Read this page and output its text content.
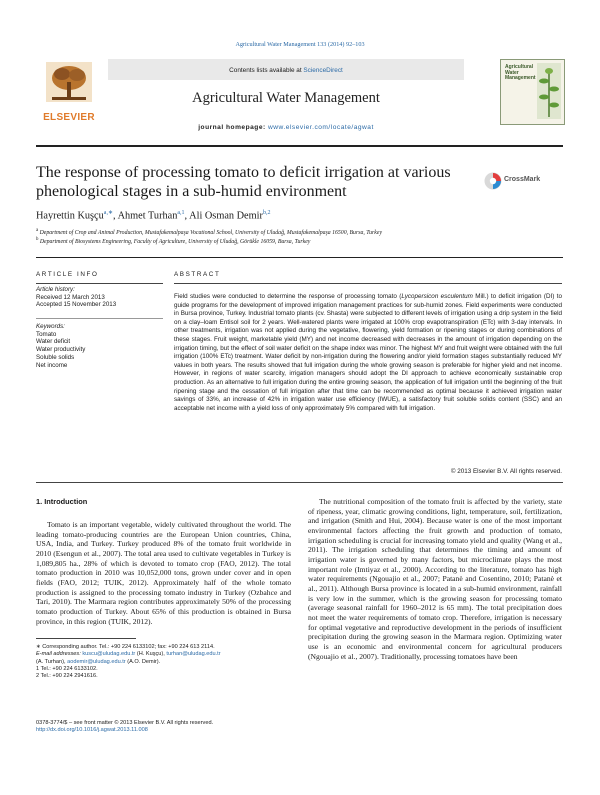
Agricultural Water Management 133 (2014) 92–103
Contents lists available at ScienceDirect
ELSEVIER
Agricultural Water Management
journal homepage: www.elsevier.com/locate/agwat
Agricultural Water Management
The response of processing tomato to deficit irrigation at various phenological stages in a sub-humid environment
CrossMark
Hayrettin Kuşçu$^{a,∗}$, Ahmet Turhan$^{a,1}$, Ali Osman Demir$^{b,2}$
$^a$ Department of Crop and Animal Production, Mustafakemalpaşa Vocational School, University of Uludağ, Mustafakemalpaşa 16500, Bursa, Turkey
$^b$ Department of Biosystems Engineering, Faculty of Agriculture, University of Uludağ, Görükle 16059, Bursa, Turkey
ARTICLE INFO
Article history:
Received 12 March 2013
Accepted 15 November 2013
Keywords:
Tomato
Water deficit
Water productivity
Soluble solids
Net income
ABSTRACT
Field studies were conducted to determine the response of processing tomato (Lycopersicon esculentum Mill.) to deficit irrigation (DI) to guide programs for the development of improved irrigation management practices for sub-humid zones. Field experiments were conducted in Bursa province, Turkey. Industrial tomato plants (cv. Shasta) were subjected to different levels of irrigation using a drip system in the field on a clay–loam Entisol soil for 2 years. Well-watered plants were irrigated at 100% crop evapotranspiration (ETc) with 3-day intervals. In other treatments, irrigation was not applied during the vegetative, flowering, yield formation or ripening stages or during combinations of these stages. Fruit weight, marketable yield (MY) and net income decreased with decreases in the amount of irrigation depending on the irrigation timing, but the effect of soil water deficit on the shape index was minor. The highest MY and fruit weight were obtained with the full irrigation (100% ETc) treatment. Water deficit by non-irrigation during the flowering and/or yield formation stages substantially reduced MY values in both years. The results showed that full irrigation during the whole growing season is preferable for higher yield and net income. However, in regions of water scarcity, irrigation managers should adopt the DI approach to achieve economically sustainable crop production. As an alternative to full irrigation during the entire growing season, the application of full irrigation until the beginning of the fruit ripening stage and the cessation of full irrigation after that time can be recommended as optimal because it achieved irrigation water savings of 33%, an increase of 42% in irrigation water use efficiency (IWUE), a satisfactory fruit soluble solids content (SSC) and an acceptable net income with a yield loss of only approximately 5% compared with full irrigation.
© 2013 Elsevier B.V. All rights reserved.
1. Introduction

Tomato is an important vegetable, widely cultivated throughout the world. The leading tomato-producing countries are the European Union countries, China, USA, India, and Turkey. Turkey produced 8% of the tomato fruit worldwide in 2010 (Esengun et al., 2007). The total area used to cultivate vegetables in Turkey is 1,089,805 ha., 28% of which is devoted to tomato crop (FAO, 2012). The total tomato production in 2010 was 10,052,000 tons, grown under cover and in open fields (FAO, 2012; TUIK, 2012). Approximately half of the whole tomato production is assigned to the processing tomato industry in Turkey (Ozbahce and Tari, 2010). The Marmara region contributes approximately 50% of the processing tomato production of Turkey. About 65% of this production is obtained in Bursa province, in this region (TUIK, 2012).

The nutritional composition of the tomato fruit is affected by the variety, state of ripeness, year, climatic growing conditions, light, temperature, soil, fertilization, and irrigation (Smith and Hui, 2004). Because water is one of the most important environmental factors affecting the fruit growth and production of tomato, irrigation scheduling is crucial for increasing tomato yield and quality (Wang et al., 2011). The irrigation scheduling that determines the timing and amount of irrigation water is governed by many factors, but microclimate plays the most important role (Imtiyaz et al., 2000). According to the literature, tomato has high water requirements (Ngouajio et al., 2007; Patanè and Cosentino, 2010; Patanè et al., 2011). Although Bursa province is located in a sub-humid environment, rainfall is very low in the summer, which is the growing season for processing tomato (average seasonal rainfall for 1960–2012 is 65 mm). The total precipitation does not meet the water requirements of tomato crop. Therefore, irrigation is necessary for optimal vegetative and reproductive development in the periods of insufficient precipitation during the growing season in the Marmara region. Optimizing water use is an economic and environmental concern for agricultural producers (Ngouajio et al., 2007). Traditionally, processing tomatoes have been

∗ Corresponding author. Tel.: +90 224 6133102; fax: +90 224 613 2114.
E-mail addresses: kuscu@uludag.edu.tr (H. Kuşçu), turhan@uludag.edu.tr
(A. Turhan), aodemir@uludag.edu.tr (A.O. Demir).
1 Tel.: +90 224 6133102.
2 Tel.: +90 224 2941616.
0378-3774/$ – see front matter © 2013 Elsevier B.V. All rights reserved.
http://dx.doi.org/10.1016/j.agwat.2013.11.008
